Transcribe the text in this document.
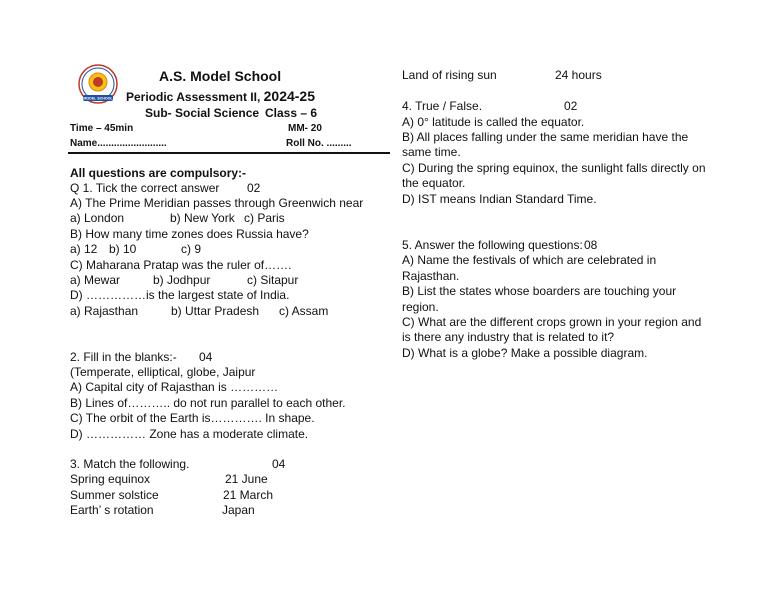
MODEL SCHOOL
A.S. Model School
Periodic Assessment II, 2024-25
Sub- Social Science Class – 6
Time – 45min	MM- 20
Name.........................	Roll No. .........
All questions are compulsory:-
Q 1. Tick the correct answer 02
A) The Prime Meridian passes through Greenwich near
a) London	b) New York c) Paris
B) How many time zones does Russia have?
a) 12 b) 10	c) 9
C) Maharana Pratap was the ruler of…….
a) Mewar	b) Jodhpur	c) Sitapur
D) ……………is the largest state of India.
a) Rajasthan	b) Uttar Pradesh c) Assam
2. Fill in the blanks:- 04
(Temperate, elliptical, globe, Jaipur
A) Capital city of Rajasthan is …………
B) Lines of……….. do not run parallel to each other.
C) The orbit of the Earth is…………. In shape.
D) …………… Zone has a moderate climate.
3. Match the following.	04
Spring equinox	21 June
Summer solstice	21 March
Earth’ s rotation	Japan
Land of rising sun	24 hours
4. True / False.	02
A) 0° latitude is called the equator.
B) All places falling under the same meridian have the
same time.
C) During the spring equinox, the sunlight falls directly on
the equator.
D) IST means Indian Standard Time.
5. Answer the following questions: 08
A) Name the festivals of which are celebrated in
Rajasthan.
B) List the states whose boarders are touching your
region.
C) What are the different crops grown in your region and
is there any industry that is related to it?
D) What is a globe? Make a possible diagram.
